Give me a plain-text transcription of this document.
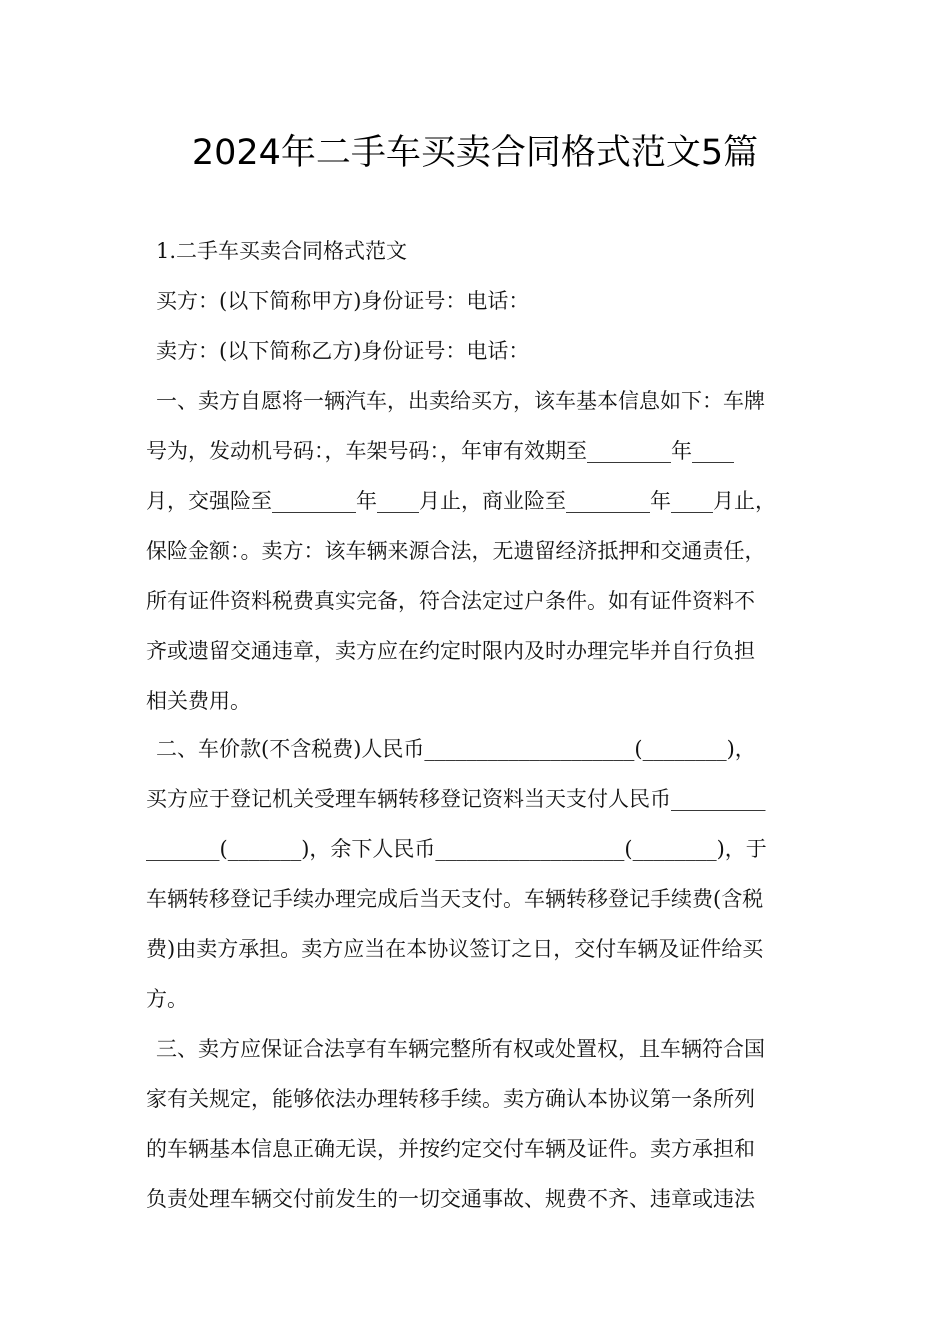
2024年二手车买卖合同格式范文5篇
1.二手车买卖合同格式范文
买方：(以下简称甲方)身份证号：电话：
卖方：(以下简称乙方)身份证号：电话：
一、卖方自愿将一辆汽车，出卖给买方，该车基本信息如下：车牌
号为，发动机号码：，车架号码：，年审有效期至________年____
月，交强险至________年____月止，商业险至________年____月止，
保险金额：。卖方：该车辆来源合法，无遗留经济抵押和交通责任，
所有证件资料税费真实完备，符合法定过户条件。如有证件资料不
齐或遗留交通违章，卖方应在约定时限内及时办理完毕并自行负担
相关费用。
二、车价款(不含税费)人民币____________________(________)，
买方应于登记机关受理车辆转移登记资料当天支付人民币_________
_______(_______)，余下人民币__________________(________)，于
车辆转移登记手续办理完成后当天支付。车辆转移登记手续费(含税
费)由卖方承担。卖方应当在本协议签订之日，交付车辆及证件给买
方。
三、卖方应保证合法享有车辆完整所有权或处置权，且车辆符合国
家有关规定，能够依法办理转移手续。卖方确认本协议第一条所列
的车辆基本信息正确无误，并按约定交付车辆及证件。卖方承担和
负责处理车辆交付前发生的一切交通事故、规费不齐、违章或违法
